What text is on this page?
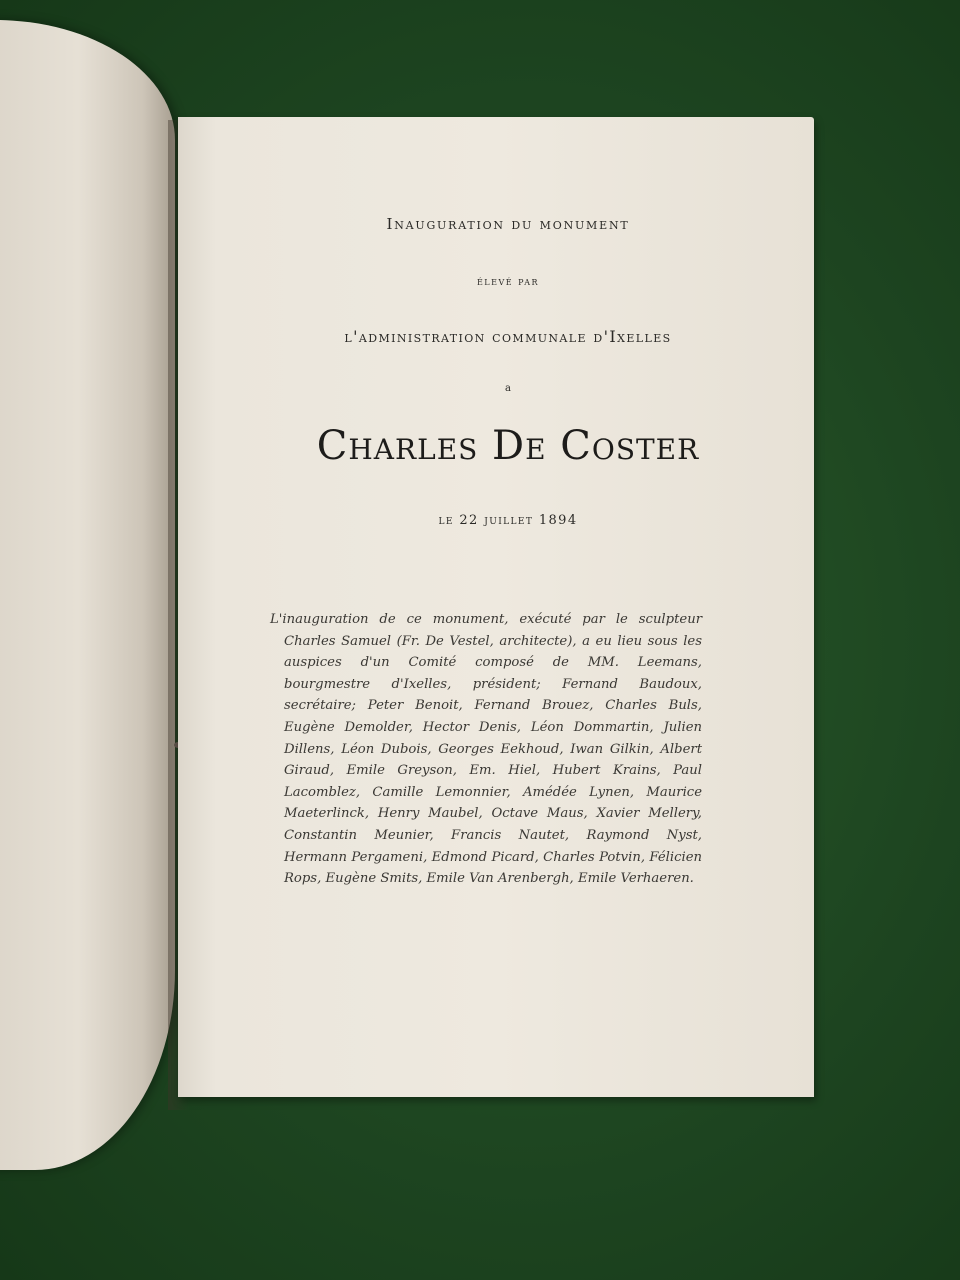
Inauguration du monument
élevé par
l'administration communale d'Ixelles
a
Charles De Coster
le 22 juillet 1894
L'inauguration de ce monument, exécuté par le sculpteur Charles Samuel (Fr. De Vestel, architecte), a eu lieu sous les auspices d'un Comité composé de MM. Leemans, bourgmestre d'Ixelles, président; Fernand Baudoux, secrétaire; Peter Benoit, Fernand Brouez, Charles Buls, Eugène Demolder, Hector Denis, Léon Dommartin, Julien Dillens, Léon Dubois, Georges Eekhoud, Iwan Gilkin, Albert Giraud, Emile Greyson, Em. Hiel, Hubert Krains, Paul Lacomblez, Camille Lemonnier, Amédée Lynen, Maurice Maeterlinck, Henry Maubel, Octave Maus, Xavier Mellery, Constantin Meunier, Francis Nautet, Raymond Nyst, Hermann Pergameni, Edmond Picard, Charles Potvin, Félicien Rops, Eugène Smits, Emile Van Arenbergh, Emile Verhaeren.
